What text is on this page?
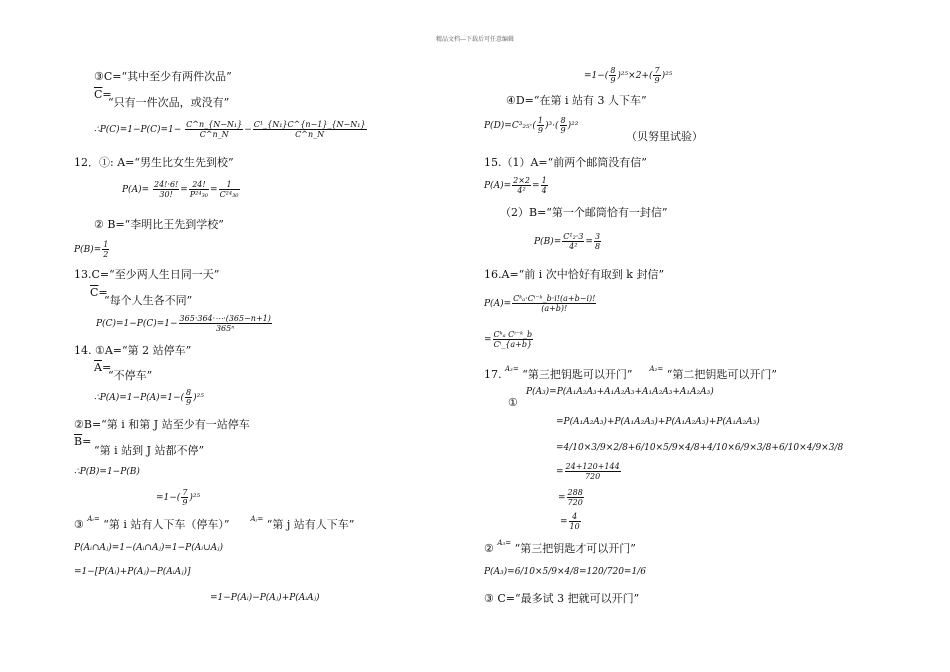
精品文档---下载后可任意编辑
③C=“其中至少有两件次品”
$\overline{C}=$
“只有一件次品，或没有”
∴P(C)=1−P(C)=1− $\frac{\text{C\textasciicircum{}n\_\{N−N₁\}}}{C\^{}n\_N} - \frac{\text{C¹\_\{N₁\}C\textasciicircum{}\{n−1\}\_\{N−N₁\}}}{C\^{}n\_N}$
12．①: A=“男生比女生先到校”
$P(A)= \frac{24!\cdot 6!}{30!} = \frac{24!}{\text{P²⁴₃₀}} = \frac{1}{\text{C²⁴₃₀}}$
② B=“李明比王先到学校”
$P(B)= \frac{1}{2}$
13.C=“至少两人生日同一天”
$\overline{C}=$
“每个人生各不同”
$P(C)=1-P(C)=1- \frac{365\cdot 364\cdot\cdots\cdot(365-n+1)}{\text{365ⁿ}}$
14. ①A=“第 2 站停车”
$\overline{A}=$
“不停车”
∴P(A)=1−P(A)=1−( $\frac{8}{9} )^{25}$
②B=“第 i 和第 J 站至少有一站停车
$\overline{B}=$
“第 i 站到 J 站都不停”
∴P(B)=1−P(B)
$=1-( \frac{7}{9} )^{25}$
③ $^{Aᵢ=}$ “第 i 站有人下车（停车）”	$^{Aⱼ=}$ “第 j 站有人下车”
P(Aᵢ∩Aⱼ)=1−(Aᵢ∩Aⱼ)=1−P(Aᵢ∪Aⱼ)
=1−[P(Aᵢ)+P(Aⱼ)−P(AᵢAⱼ)]
=1−P(Aᵢ)−P(Aⱼ)+P(AᵢAⱼ)
$=1-( \frac{8}{9} )^{25}\times 2+( \frac{7}{9} )^{25}$
④D=“在第 i 站有 3 人下车”
$P(D)=C^3_{25}\cdot( \frac{1}{9} )^3\cdot( \frac{8}{9} )^{22}$
（贝努里试验）
15.（1）A=“前两个邮筒没有信”
$P(A)= \frac{2\times 2}{\text{4²}} = \frac{1}{4}$
（2）B=“第一个邮筒恰有一封信”
$P(B)= \frac{\text{C¹₂·3}}{\text{4²}} = \frac{3}{8}$
16.A=“前 i 次中恰好有取到 k 封信”
$P(A)= \frac{\text{Cᵏₐ·Cⁱ⁻ᵏ\_b·i!(a+b−i)!}}{(a+b)!}$
= $\frac{\text{Cᵏₐ Cⁱ⁻ᵏ\_b}}{\text{Cⁱ\_\{a+b\}}}$
17. $^{A_3=}$ “第三把钥匙可以开门” $^{A_2=}$ “第二把钥匙可以开门”
①
P(A₃)=P(A₁A₂A₃+A₁A₂A₃+A₁A₂A₃+A₁A₂A₃)
=P(A₁A₂A₃)+P(A₁A₂A₃)+P(A₁A₂A₃)+P(A₁A₂A₃)
=4/10×3/9×2/8+6/10×5/9×4/8+4/10×6/9×3/8+6/10×4/9×3/8
= $\frac{24+120+144}{720}$
= $\frac{288}{720}$
= $\frac{4}{10}$
② $^{A_3=}$ “第三把钥匙才可以开门”
P(A₃)=6/10×5/9×4/8=120/720=1/6
③ C=“最多试 3 把就可以开门”
